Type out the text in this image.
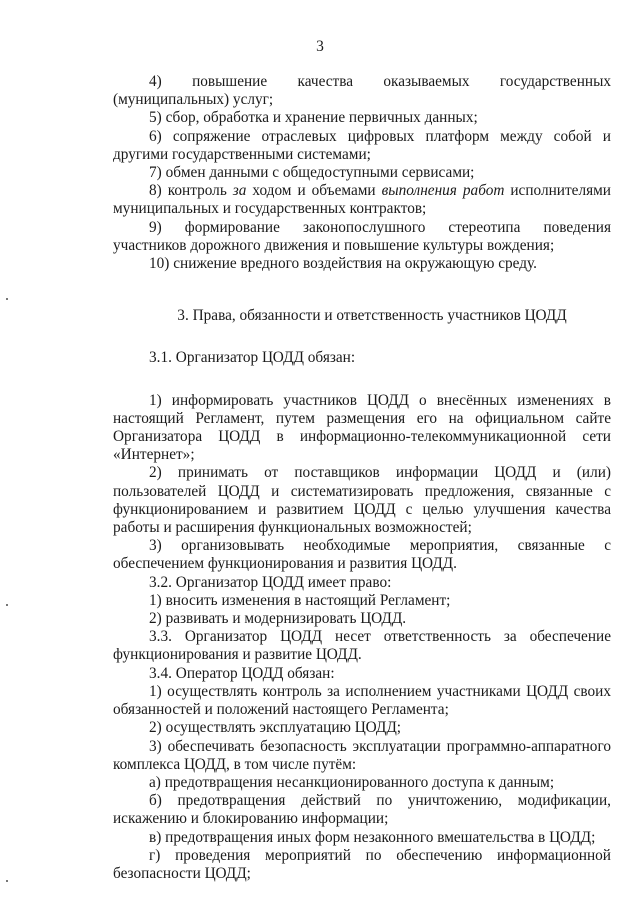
3

4) повышение качества оказываемых государственных (муниципальных) услуг;

5) сбор, обработка и хранение первичных данных;

6) сопряжение отраслевых цифровых платформ между собой и другими государственными системами;

7) обмен данными с общедоступными сервисами;

8) контроль за ходом и объемами выполнения работ исполнителями муниципальных и государственных контрактов;

9) формирование законопослушного стереотипа поведения участников дорожного движения и повышение культуры вождения;

10) снижение вредного воздействия на окружающую среду.

3. Права, обязанности и ответственность участников ЦОДД

3.1. Организатор ЦОДД обязан:

1) информировать участников ЦОДД о внесённых изменениях в настоящий Регламент, путем размещения его на официальном сайте Организатора ЦОДД в информационно-телекоммуникационной сети «Интернет»;

2) принимать от поставщиков информации ЦОДД и (или) пользователей ЦОДД и систематизировать предложения, связанные с функционированием и развитием ЦОДД с целью улучшения качества работы и расширения функциональных возможностей;

3) организовывать необходимые мероприятия, связанные с обеспечением функционирования и развития ЦОДД.

3.2. Организатор ЦОДД имеет право:

1) вносить изменения в настоящий Регламент;

2) развивать и модернизировать ЦОДД.

3.3. Организатор ЦОДД несет ответственность за обеспечение функционирования и развитие ЦОДД.

3.4. Оператор ЦОДД обязан:

1) осуществлять контроль за исполнением участниками ЦОДД своих обязанностей и положений настоящего Регламента;

2) осуществлять эксплуатацию ЦОДД;

3) обеспечивать безопасность эксплуатации программно-аппаратного комплекса ЦОДД, в том числе путём:

а) предотвращения несанкционированного доступа к данным;

б) предотвращения действий по уничтожению, модификации, искажению и блокированию информации;

в) предотвращения иных форм незаконного вмешательства в ЦОДД;

г) проведения мероприятий по обеспечению информационной безопасности ЦОДД;
